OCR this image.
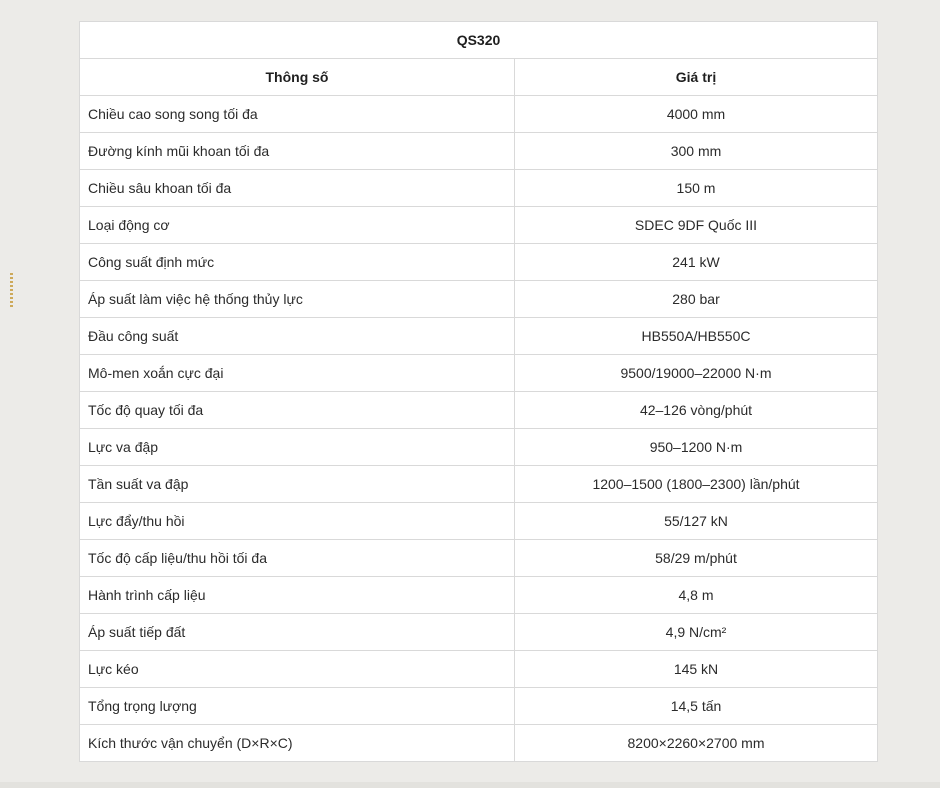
QS320	
Thông số	Giá trị
Chiều cao song song tối đa	4000 mm
Đường kính mũi khoan tối đa	300 mm
Chiều sâu khoan tối đa	150 m
Loại động cơ	SDEC 9DF Quốc III
Công suất định mức	241 kW
Áp suất làm việc hệ thống thủy lực	280 bar
Đầu công suất	HB550A/HB550C
Mô-men xoắn cực đại	9500/19000–22000 N·m
Tốc độ quay tối đa	42–126 vòng/phút
Lực va đập	950–1200 N·m
Tần suất va đập	1200–1500 (1800–2300) lần/phút
Lực đẩy/thu hồi	55/127 kN
Tốc độ cấp liệu/thu hồi tối đa	58/29 m/phút
Hành trình cấp liệu	4,8 m
Áp suất tiếp đất	4,9 N/cm²
Lực kéo	145 kN
Tổng trọng lượng	14,5 tấn
Kích thước vận chuyển (D×R×C)	8200×2260×2700 mm
